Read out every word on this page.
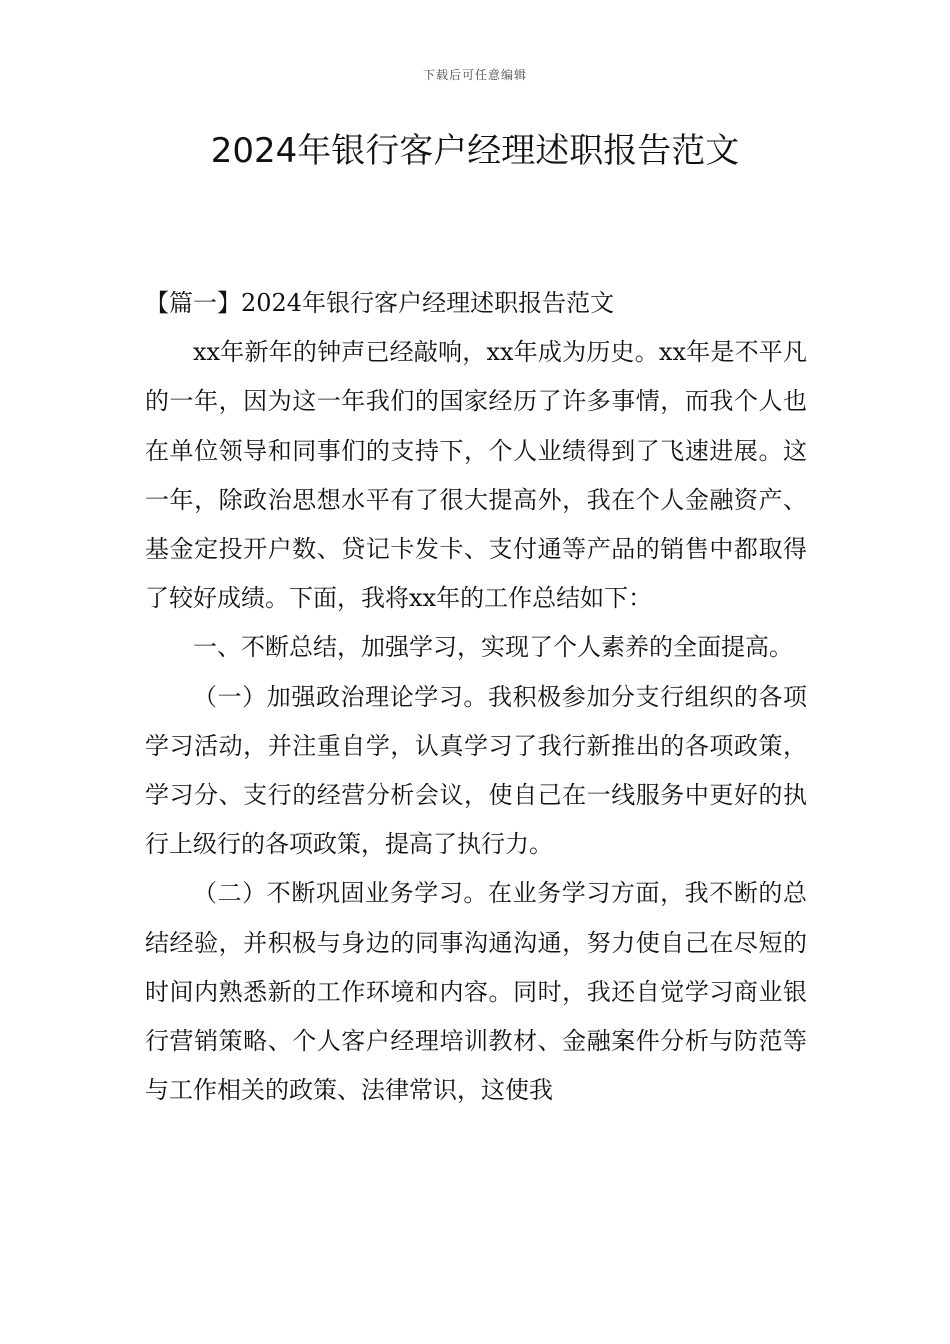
下载后可任意编辑
2024年银行客户经理述职报告范文

【篇一】2024年银行客户经理述职报告范文

xx年新年的钟声已经敲响，xx年成为历史。xx年是不平凡的一年，因为这一年我们的国家经历了许多事情，而我个人也在单位领导和同事们的支持下，个人业绩得到了飞速进展。这一年，除政治思想水平有了很大提高外，我在个人金融资产、基金定投开户数、贷记卡发卡、支付通等产品的销售中都取得了较好成绩。下面，我将xx年的工作总结如下：

一、不断总结，加强学习，实现了个人素养的全面提高。

（一）加强政治理论学习。我积极参加分支行组织的各项学习活动，并注重自学，认真学习了我行新推出的各项政策，学习分、支行的经营分析会议，使自己在一线服务中更好的执行上级行的各项政策，提高了执行力。

（二）不断巩固业务学习。在业务学习方面，我不断的总结经验，并积极与身边的同事沟通沟通，努力使自己在尽短的时间内熟悉新的工作环境和内容。同时，我还自觉学习商业银行营销策略、个人客户经理培训教材、金融案件分析与防范等与工作相关的政策、法律常识，这使我
